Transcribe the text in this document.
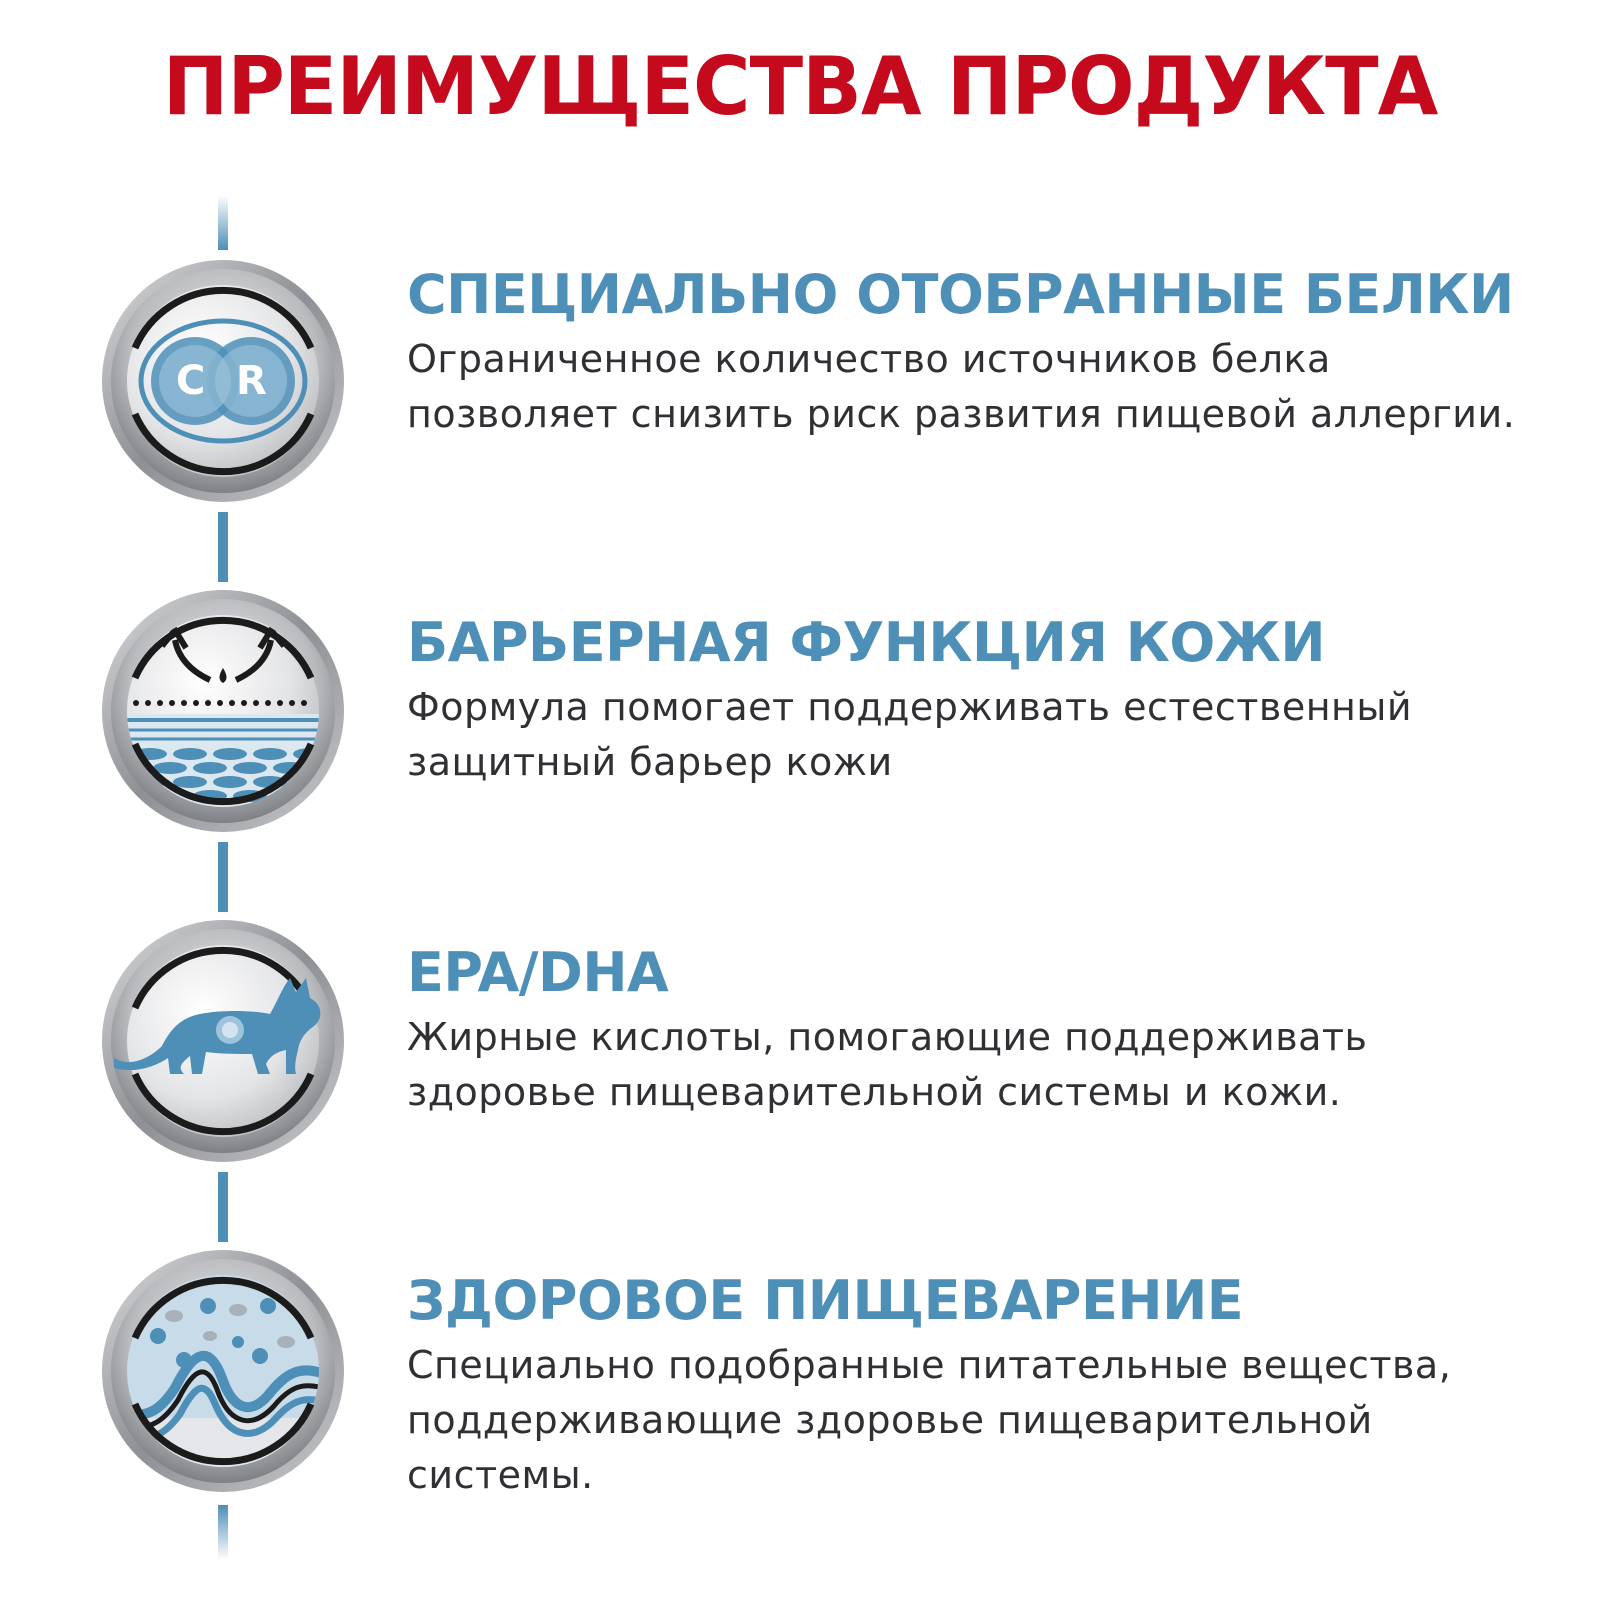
ПРЕИМУЩЕСТВА ПРОДУКТА
C R
СПЕЦИАЛЬНО ОТОБРАННЫЕ БЕЛКИ
Ограниченное количество источников белка позволяет снизить риск развития пищевой аллергии.
БАРЬЕРНАЯ ФУНКЦИЯ КОЖИ
Формула помогает поддерживать естественный защитный барьер кожи
EPA/DHA
Жирные кислоты, помогающие поддерживать здоровье пищеварительной системы и кожи.
ЗДОРОВОЕ ПИЩЕВАРЕНИЕ
Специально подобранные питательные вещества, поддерживающие здоровье пищеварительной системы.
